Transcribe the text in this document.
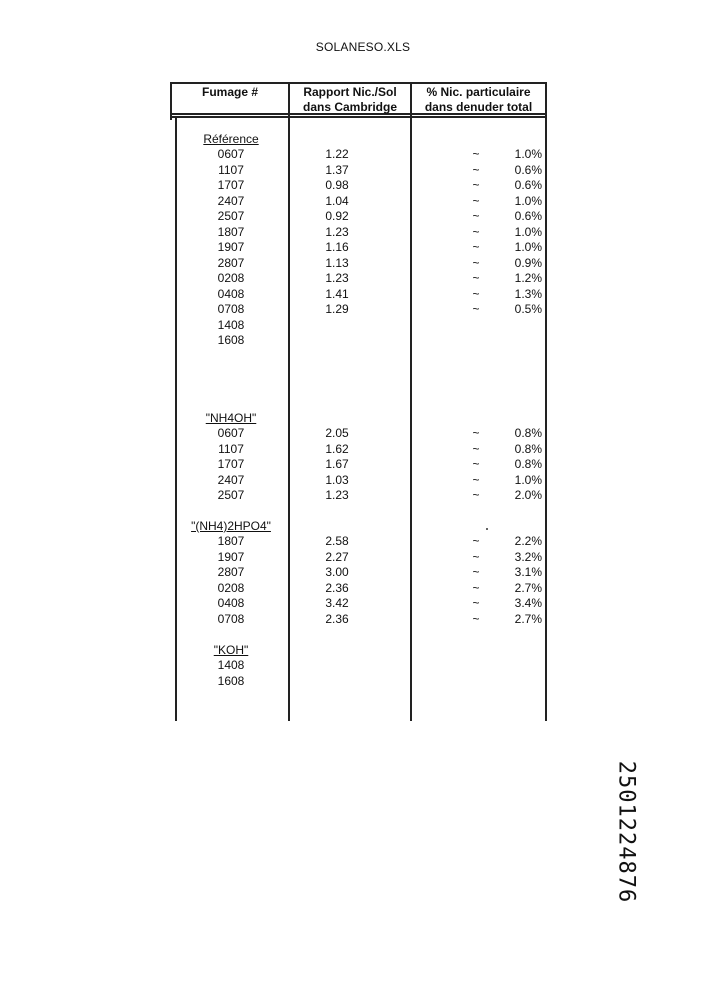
SOLANESO.XLS
Fumage #	Rapport Nic./Sol
dans Cambridge
% Nic. particulaire
dans denuder total
Référence
0607	1.22	~	1.0%
1107	1.37	~	0.6%
1707	0.98	~	0.6%
2407	1.04	~	1.0%
2507	0.92	~	0.6%
1807	1.23	~	1.0%
1907	1.16	~	1.0%
2807	1.13	~	0.9%
0208	1.23	~	1.2%
0408	1.41	~	1.3%
0708	1.29	~	0.5%
1408
1608
"NH4OH"
0607	2.05	~	0.8%
1107	1.62	~	0.8%
1707	1.67	~	0.8%
2407	1.03	~	1.0%
2507	1.23	~	2.0%
"(NH4)2HPO4"
1807	2.58	~	2.2%
1907	2.27	~	3.2%
2807	3.00	~	3.1%
0208	2.36	~	2.7%
0408	3.42	~	3.4%
0708	2.36	~	2.7%
"KOH"
1408
1608
2501224876
